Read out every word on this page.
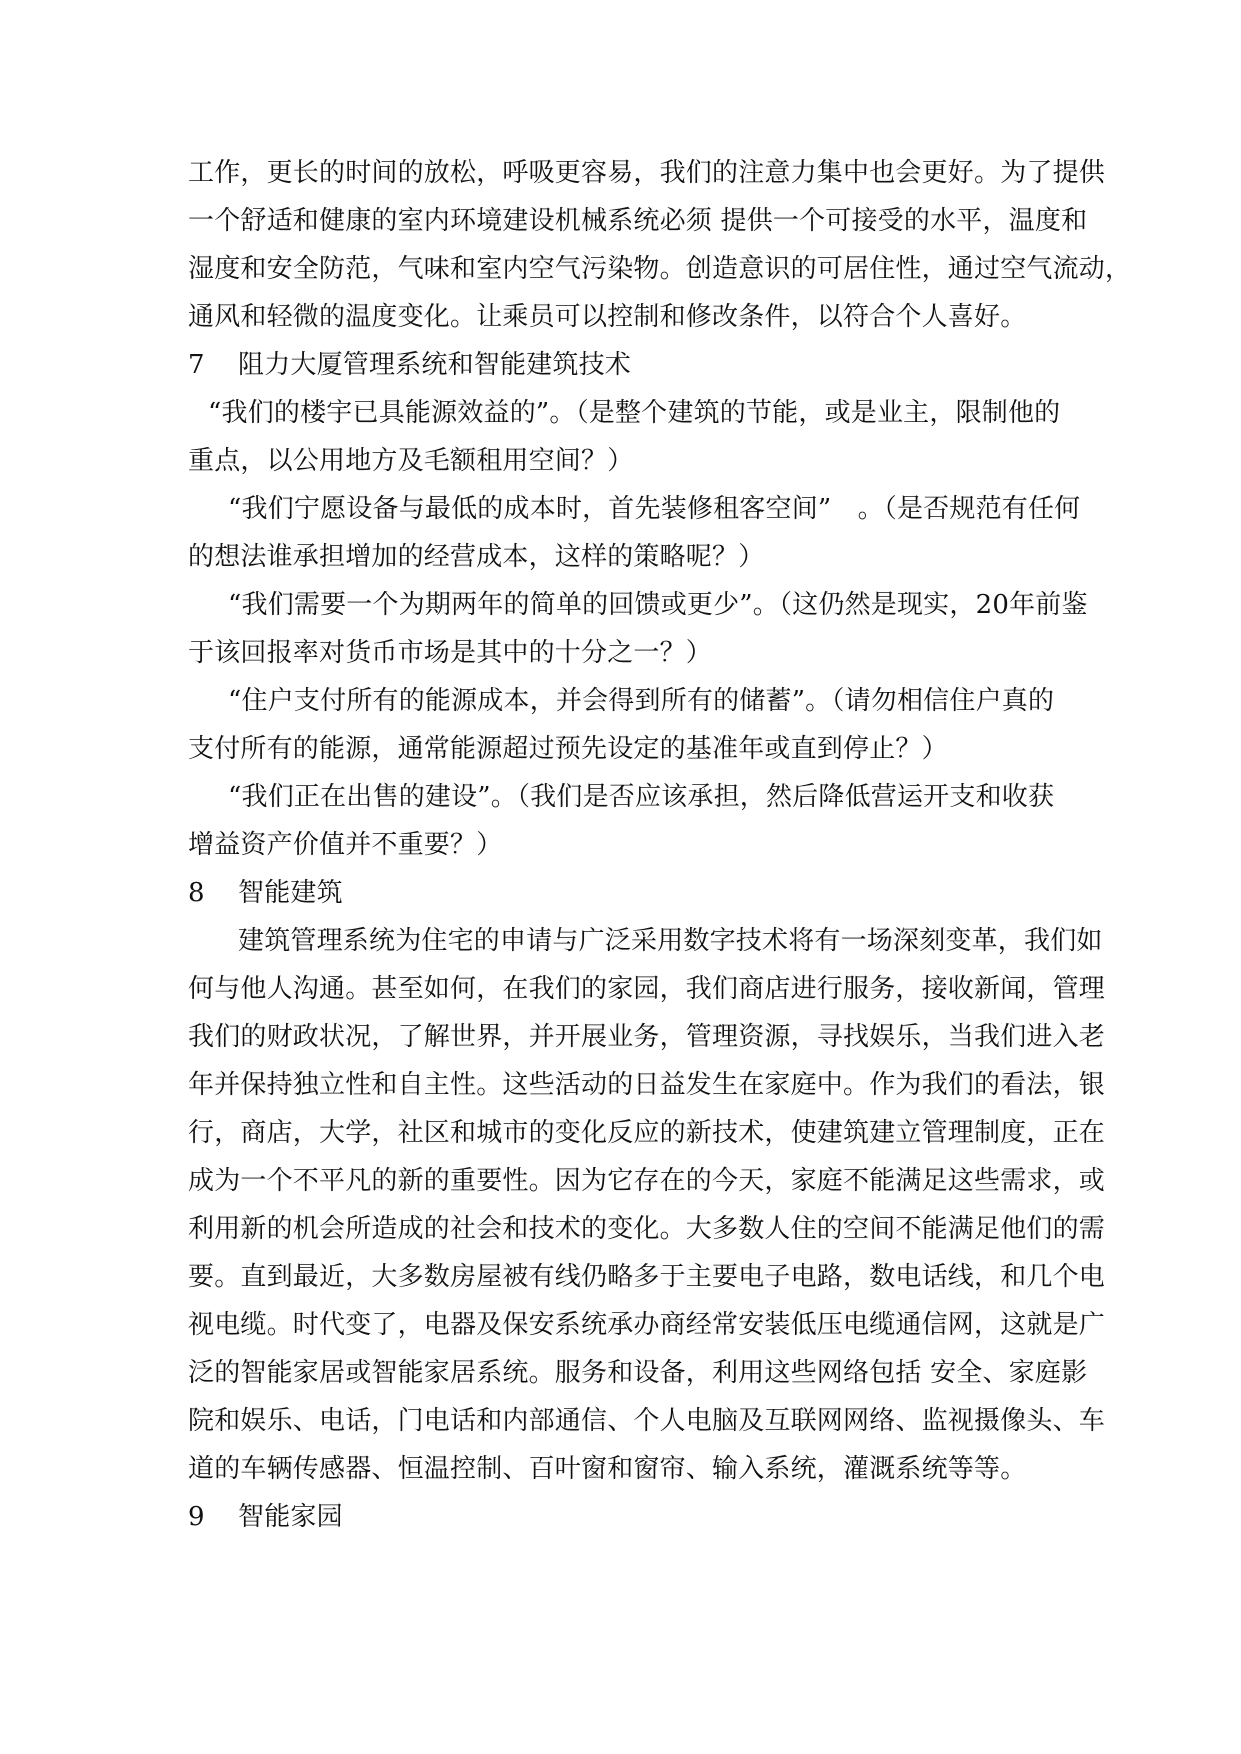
工作，更长的时间的放松，呼吸更容易，我们的注意力集中也会更好。为了提供
一个舒适和健康的室内环境建设机械系统必须 提供一个可接受的水平，温度和
湿度和安全防范，气味和室内空气污染物。创造意识的可居住性，通过空气流动，
通风和轻微的温度变化。让乘员可以控制和修改条件，以符合个人喜好。
7	阻力大厦管理系统和智能建筑技术
“我们的楼宇已具能源效益的”。（是整个建筑的节能，或是业主，限制他的
重点，以公用地方及毛额租用空间？）
“我们宁愿设备与最低的成本时，首先装修租客空间”　。（是否规范有任何
的想法谁承担增加的经营成本，这样的策略呢？）
“我们需要一个为期两年的简单的回馈或更少”。（这仍然是现实，20年前鉴
于该回报率对货币市场是其中的十分之一？）
“住户支付所有的能源成本，并会得到所有的储蓄”。（请勿相信住户真的
支付所有的能源，通常能源超过预先设定的基准年或直到停止？）
“我们正在出售的建设”。（我们是否应该承担，然后降低营运开支和收获
增益资产价值并不重要？）
8	智能建筑
建筑管理系统为住宅的申请与广泛采用数字技术将有一场深刻变革，我们如
何与他人沟通。甚至如何，在我们的家园，我们商店进行服务，接收新闻，管理
我们的财政状况，了解世界，并开展业务，管理资源，寻找娱乐，当我们进入老
年并保持独立性和自主性。这些活动的日益发生在家庭中。作为我们的看法，银
行，商店，大学，社区和城市的变化反应的新技术，使建筑建立管理制度，正在
成为一个不平凡的新的重要性。因为它存在的今天，家庭不能满足这些需求，或
利用新的机会所造成的社会和技术的变化。大多数人住的空间不能满足他们的需
要。直到最近，大多数房屋被有线仍略多于主要电子电路，数电话线，和几个电
视电缆。时代变了，电器及保安系统承办商经常安装低压电缆通信网，这就是广
泛的智能家居或智能家居系统。服务和设备，利用这些网络包括 安全、家庭影
院和娱乐、电话，门电话和内部通信、个人电脑及互联网网络、监视摄像头、车
道的车辆传感器、恒温控制、百叶窗和窗帘、输入系统，灌溉系统等等。
9	智能家园
